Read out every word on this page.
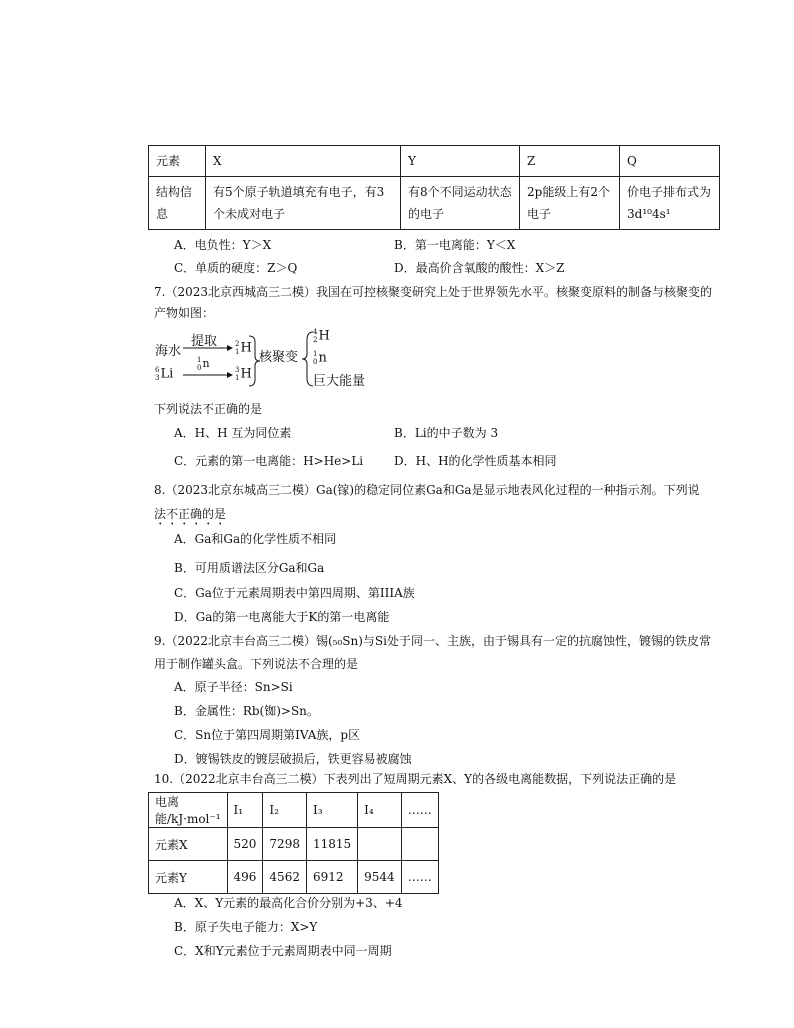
元素	X	Y	Z	Q
结构信息	有5个原子轨道填充有电子，有3个未成对电子	有8个不同运动状态的电子	2p能级上有2个电子	价电子排布式为3d¹⁰4s¹
A．电负性：Y＞X	B．第一电离能：Y＜X
C．单质的硬度：Z＞Q	D．最高价含氧酸的酸性：X＞Z
7.（2023北京西城高三二模）我国在可控核聚变研究上处于世界领先水平。核聚变原料的制备与核聚变的
产物如图：
海水
提取	2
1 H
6
3 Li
1
0 n	3
1 H
核聚变
4
2 H
1
0 n
巨大能量
下列说法不正确的是
A．H、H 互为同位素	B．Li的中子数为 3
C．元素的第一电离能：H>He>Li	D．H、H的化学性质基本相同
8.（2023北京东城高三二模）Ga(镓)的稳定同位素Ga和Ga是显示地表风化过程的一种指示剂。下列说
法不正确的是
A．Ga和Ga的化学性质不相同
B．可用质谱法区分Ga和Ga
C．Ga位于元素周期表中第四周期、第IIIA族
D．Ga的第一电离能大于K的第一电离能
9.（2022北京丰台高三二模）锡(₅₀Sn)与Si处于同一、主族，由于锡具有一定的抗腐蚀性，镀锡的铁皮常
用于制作罐头盒。下列说法不合理的是
A．原子半径：Sn>Si
B．金属性：Rb(铷)>Sn。
C．Sn位于第四周期第IVA族，p区
D．镀锡铁皮的镀层破损后，铁更容易被腐蚀
10.（2022北京丰台高三二模）下表列出了短周期元素X、Y的各级电离能数据，下列说法正确的是
电离能/kJ·mol⁻¹	I₁	I₂	I₃	I₄	……
元素X	520	7298	11815		
元素Y	496	4562	6912	9544	……
A．X、Y元素的最高化合价分别为+3、+4
B．原子失电子能力：X>Y
C．X和Y元素位于元素周期表中同一周期
